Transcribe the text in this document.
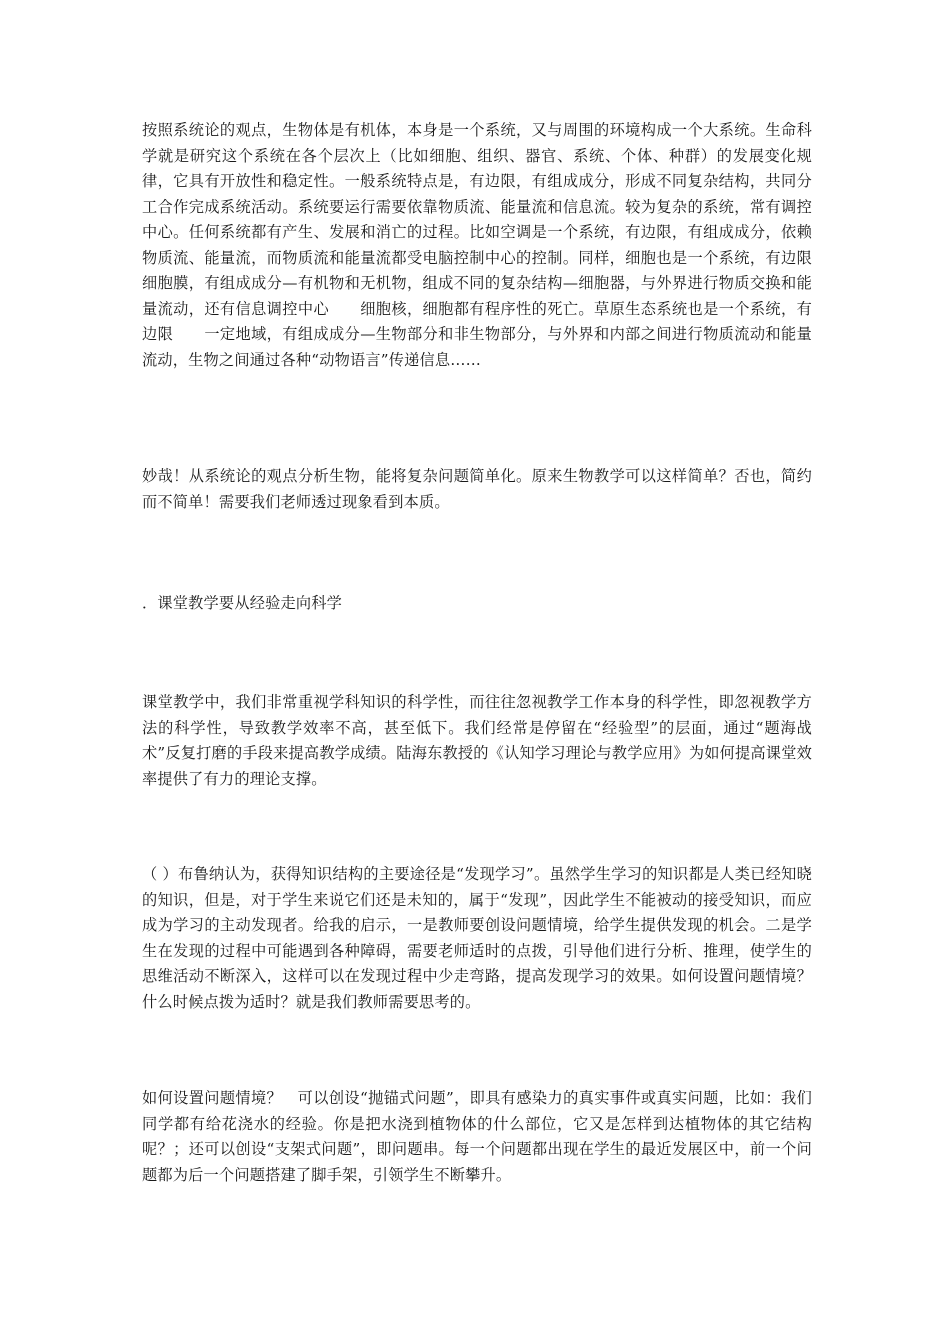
按照系统论的观点，生物体是有机体，本身是一个系统，又与周围的环境构成一个大系统。生命科学就是研究这个系统在各个层次上（比如细胞、组织、器官、系统、个体、种群）的发展变化规律，它具有开放性和稳定性。一般系统特点是，有边限，有组成成分，形成不同复杂结构，共同分工合作完成系统活动。系统要运行需要依靠物质流、能量流和信息流。较为复杂的系统，常有调控中心。任何系统都有产生、发展和消亡的过程。比如空调是一个系统，有边限，有组成成分，依赖物质流、能量流，而物质流和能量流都受电脑控制中心的控制。同样，细胞也是一个系统，有边限　　细胞膜，有组成成分—有机物和无机物，组成不同的复杂结构—细胞器，与外界进行物质交换和能量流动，还有信息调控中心　　细胞核，细胞都有程序性的死亡。草原生态系统也是一个系统，有边限　　一定地域，有组成成分—生物部分和非生物部分，与外界和内部之间进行物质流动和能量流动，生物之间通过各种“动物语言”传递信息……

妙哉！从系统论的观点分析生物，能将复杂问题简单化。原来生物教学可以这样简单？否也，简约而不简单！需要我们老师透过现象看到本质。

．课堂教学要从经验走向科学

课堂教学中，我们非常重视学科知识的科学性，而往往忽视教学工作本身的科学性，即忽视教学方法的科学性，导致教学效率不高，甚至低下。我们经常是停留在“经验型”的层面，通过“题海战术”反复打磨的手段来提高教学成绩。陆海东教授的《认知学习理论与教学应用》为如何提高课堂效率提供了有力的理论支撑。

（ ）布鲁纳认为，获得知识结构的主要途径是“发现学习”。虽然学生学习的知识都是人类已经知晓的知识，但是，对于学生来说它们还是未知的，属于“发现”，因此学生不能被动的接受知识，而应成为学习的主动发现者。给我的启示，一是教师要创设问题情境，给学生提供发现的机会。二是学生在发现的过程中可能遇到各种障碍，需要老师适时的点拨，引导他们进行分析、推理，使学生的思维活动不断深入，这样可以在发现过程中少走弯路，提高发现学习的效果。如何设置问题情境？什么时候点拨为适时？就是我们教师需要思考的。

如何设置问题情境？　可以创设“抛锚式问题”，即具有感染力的真实事件或真实问题，比如：我们同学都有给花浇水的经验。你是把水浇到植物体的什么部位，它又是怎样到达植物体的其它结构呢？；还可以创设“支架式问题”，即问题串。每一个问题都出现在学生的最近发展区中，前一个问题都为后一个问题搭建了脚手架，引领学生不断攀升。
